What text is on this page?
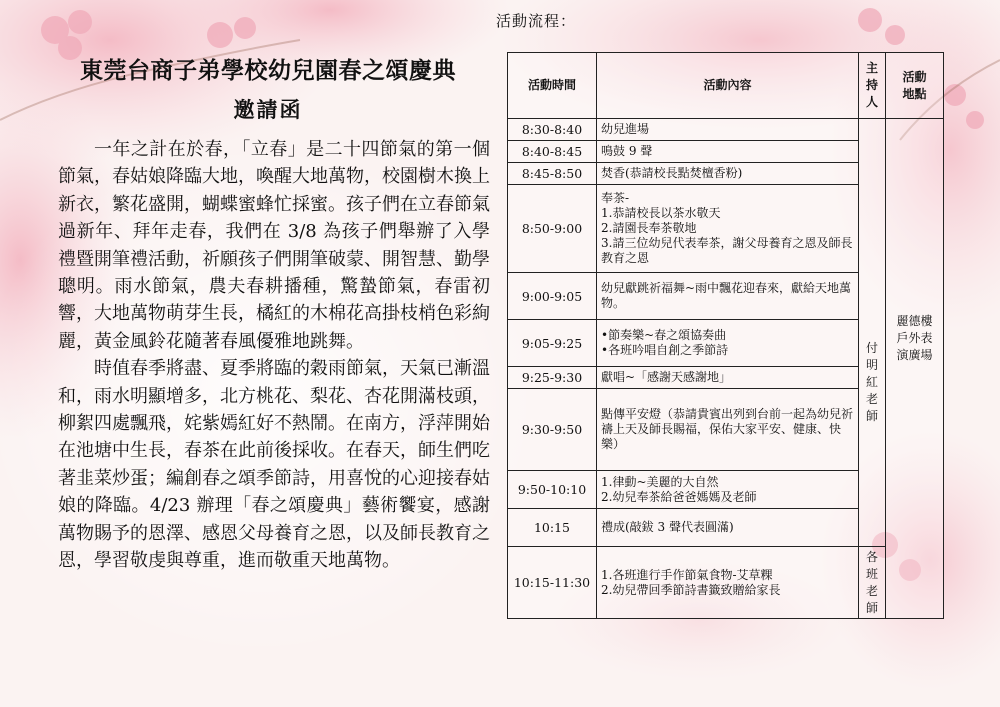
東莞台商子弟學校幼兒園春之頌慶典
邀請函

一年之計在於春，「立春」是二十四節氣的第一個節氣，春姑娘降臨大地，喚醒大地萬物，校園樹木換上新衣，繁花盛開，蝴蝶蜜蜂忙採蜜。孩子們在立春節氣過新年、拜年走春，我們在 3/8 為孩子們舉辦了入學禮暨開筆禮活動，祈願孩子們開筆破蒙、開智慧、勤學聰明。雨水節氣，農夫春耕播種，驚蟄節氣，春雷初響，大地萬物萌芽生長，橘紅的木棉花高掛枝梢色彩絢麗，黃金風鈴花隨著春風優雅地跳舞。

時值春季將盡、夏季將臨的穀雨節氣，天氣已漸溫和，雨水明顯增多，北方桃花、梨花、杏花開滿枝頭，柳絮四處飄飛，姹紫嫣紅好不熱鬧。在南方，浮萍開始在池塘中生長，春茶在此前後採收。在春天，師生們吃著韭菜炒蛋；編創春之頌季節詩，用喜悅的心迎接春姑娘的降臨。4/23 辦理「春之頌慶典」藝術饗宴，感謝萬物賜予的恩澤、感恩父母養育之恩，以及師長教育之恩，學習敬虔與尊重，進而敬重天地萬物。

活動流程：
活動時間	活動內容	主持人	活動地點
8:30-8:40	幼兒進場	付明紅老師	麗德樓戶外表演廣場
8:40-8:45	鳴鼓 9 聲		

8:45-8:50	焚香(恭請校長點焚檀香粉)		

8:50-9:00	奉茶-
1.恭請校長以茶水敬天
2.請園長奉茶敬地
3.請三位幼兒代表奉茶，謝父母養育之恩及師長教育之恩		

9:00-9:05	幼兒獻跳祈福舞~雨中飄花迎春來，獻給天地萬物。		

9:05-9:25	•節奏樂~春之頌協奏曲
•各班吟唱自創之季節詩		

9:25-9:30	獻唱~「感謝天感謝地」		

9:30-9:50	點傳平安燈（恭請貴賓出列到台前一起為幼兒祈禱上天及師長賜福，保佑大家平安、健康、快樂）		

9:50-10:10	1.律動~美麗的大自然
2.幼兒奉茶給爸爸媽媽及老師		

10:15	禮成(敲鈸 3 聲代表圓滿)		

10:15-11:30	1.各班進行手作節氣食物-艾草粿
2.幼兒帶回季節詩書籤致贈給家長	各班老師	
